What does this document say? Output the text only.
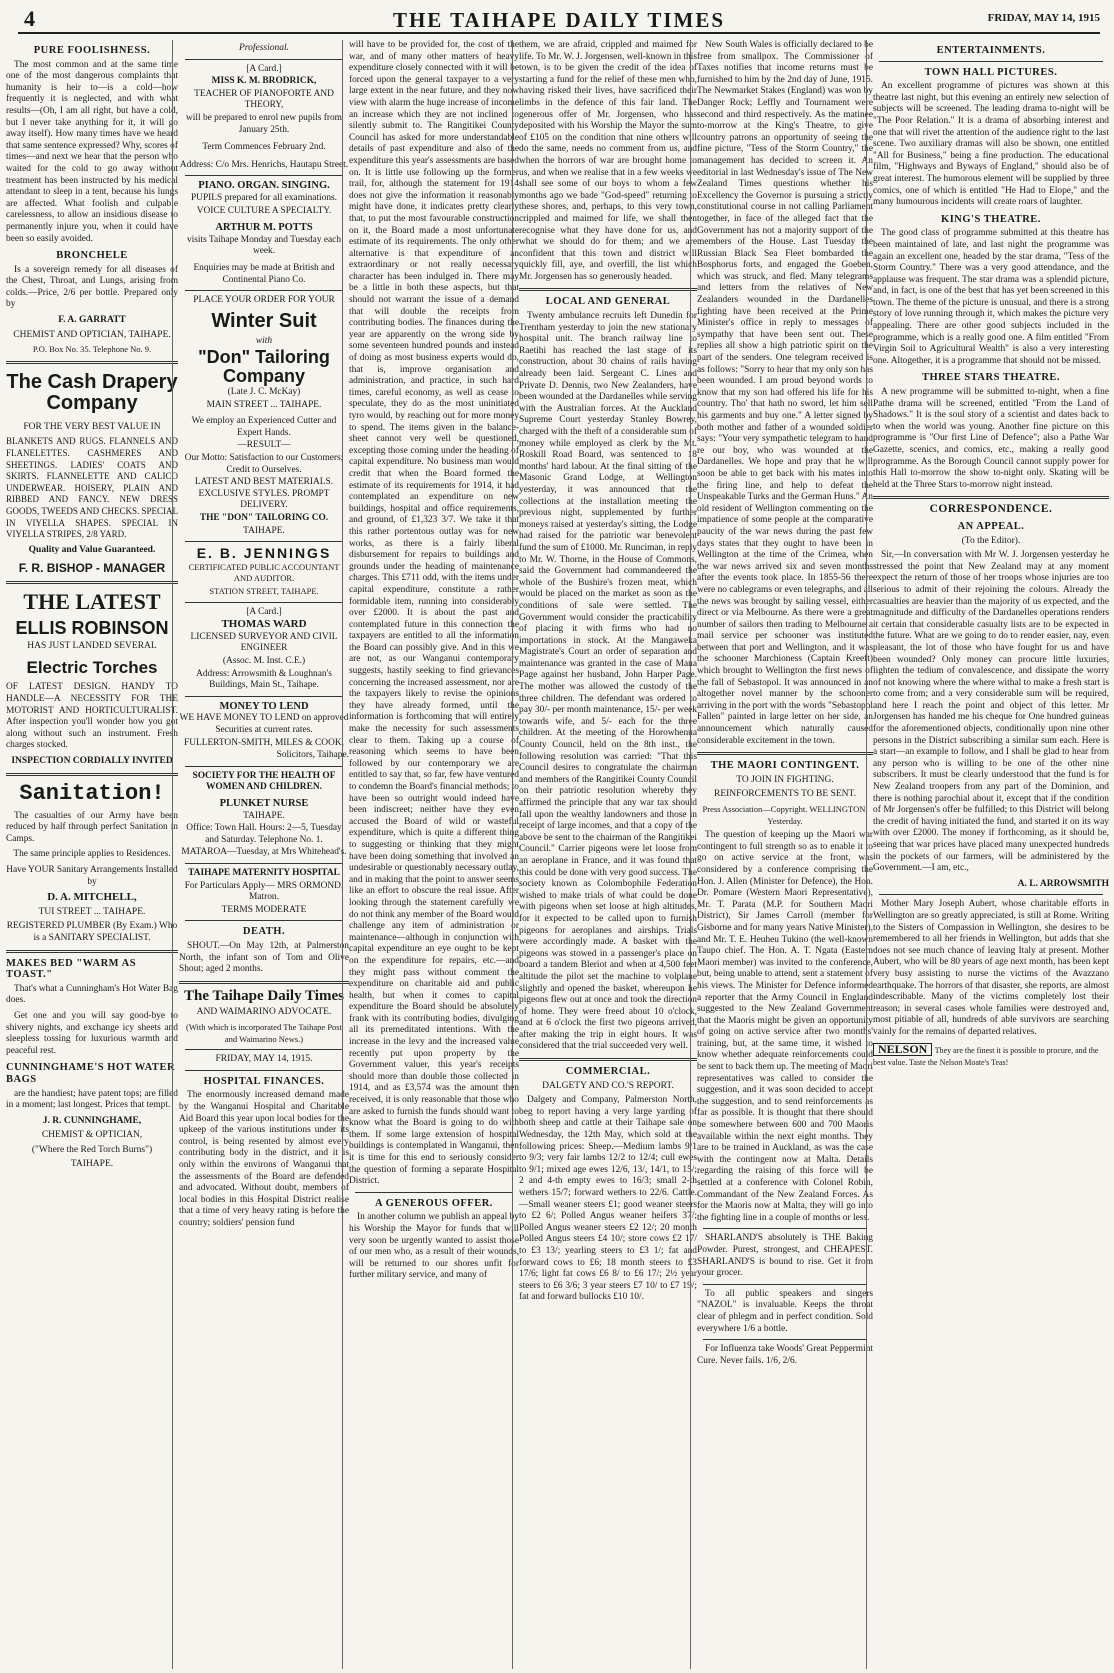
4	THE TAIHAPE DAILY TIMES	FRIDAY, MAY 14, 1915
PURE FOOLISHNESS.

The most common and at the same time one of the most dangerous complaints that humanity is heir to—is a cold—how frequently it is neglected, and with what results—(Oh, I am all right, but have a cold, but I never take anything for it, it will go away itself). How many times have we heard that same sentence expressed? Why, scores of times—and next we hear that the person who waited for the cold to go away without treatment has been instructed by his medical attendant to sleep in a tent, because his lungs are affected. What foolish and culpable carelessness, to allow an insidious disease to permanently injure you, when it could have been so easily avoided.

BRONCHELE

Is a sovereign remedy for all diseases of the Chest, Throat, and Lungs, arising from colds.—Price, 2/6 per bottle. Prepared only by

F. A. GARRATT
CHEMIST AND OPTICIAN, TAIHAPE.
P.O. Box No. 35. Telephone No. 9.
The Cash Drapery Company
FOR THE VERY BEST VALUE IN

BLANKETS AND RUGS. FLANNELS AND FLANELETTES. CASHMERES AND SHEETINGS. LADIES' COATS AND SKIRTS. FLANNELETTE AND CALICO UNDERWEAR. HOISERY, PLAIN AND RIBBED AND FANCY. NEW DRESS GOODS, TWEEDS AND CHECKS. SPECIAL IN VIYELLA SHAPES. SPECIAL IN VIYELLA STRIPES, 2/8 YARD.

Quality and Value Guaranteed.
F. R. BISHOP - MANAGER
THE LATEST
ELLIS ROBINSON
HAS JUST LANDED SEVERAL
Electric Torches

OF LATEST DESIGN. HANDY TO HANDLE—A NECESSITY FOR THE MOTORIST AND HORTICULTURALIST. After inspection you'll wonder how you got along without such an instrument. Fresh charges stocked.

INSPECTION CORDIALLY INVITED
Sanitation!

The casualties of our Army have been reduced by half through perfect Sanitation in Camps.

The same principle applies to Residences.

Have YOUR Sanitary Arrangements Installed by

D. A. MITCHELL,
TUI STREET ... TAIHAPE.

REGISTERED PLUMBER (By Exam.) Who is a SANITARY SPECIALIST.

MAKES BED "WARM AS TOAST."

That's what a Cunningham's Hot Water Bag does.

Get one and you will say good-bye to shivery nights, and exchange icy sheets and sleepless tossing for luxurious warmth and peaceful rest.

CUNNINGHAME'S HOT WATER BAGS

are the handiest; have patent tops; are filled in a moment; last longest. Prices that tempt.

J. R. CUNNINGHAME,
CHEMIST & OPTICIAN,
("Where the Red Torch Burns")
TAIHAPE.
Professional.
[A Card.]
MISS K. M. BRODRICK,
TEACHER OF PIANOFORTE AND THEORY,
will be prepared to enrol new pupils from January 25th.
Term Commences February 2nd.
Address: C/o Mrs. Henrichs, Hautapu Street.
PIANO. ORGAN. SINGING.
PUPILS prepared for all examinations.
VOICE CULTURE A SPECIALTY.
ARTHUR M. POTTS
visits Taihape Monday and Tuesday each week.
Enquiries may be made at British and Continental Piano Co.
PLACE YOUR ORDER FOR YOUR
Winter Suit
with
"Don" Tailoring
Company
(Late J. C. McKay)
MAIN STREET ... TAIHAPE.
We employ an Experienced Cutter and Expert Hands.
—RESULT—
Our Motto: Satisfaction to our Customers; Credit to Ourselves.
LATEST AND BEST MATERIALS. EXCLUSIVE STYLES. PROMPT DELIVERY.
THE "DON" TAILORING CO.
TAIHAPE.
E. B. JENNINGS
CERTIFICATED PUBLIC ACCOUNTANT AND AUDITOR.
STATION STREET, TAIHAPE.
[A Card.]
THOMAS WARD
LICENSED SURVEYOR AND CIVIL ENGINEER
(Assoc. M. Inst. C.E.)
Address: Arrowsmith & Loughnan's Buildings, Main St., Taihape.
MONEY TO LEND
WE HAVE MONEY TO LEND on approved Securities at current rates.
FULLERTON-SMITH, MILES & COOK,
Solicitors, Taihape.
SOCIETY FOR THE HEALTH OF WOMEN AND CHILDREN.
PLUNKET NURSE
TAIHAPE.
Office: Town Hall. Hours: 2—5, Tuesday and Saturday. Telephone No. 1.
MATAROA—Tuesday, at Mrs Whitehead's.
TAIHAPE MATERNITY HOSPITAL
For Particulars Apply— MRS ORMOND, Matron.
TERMS MODERATE
DEATH.

SHOUT.—On May 12th, at Palmerston North, the infant son of Tom and Olive Shout; aged 2 months.

The Taihape Daily Times
AND WAIMARINO ADVOCATE.
(With which is incorporated The Taihape Post and Waimarino News.)
FRIDAY, MAY 14, 1915.
HOSPITAL FINANCES.

The enormously increased demand made by the Wanganui Hospital and Charitable Aid Board this year upon local bodies for the upkeep of the various institutions under its control, is being resented by almost every contributing body in the district, and it is only within the environs of Wanganui that the assessments of the Board are defended and advocated. Without doubt, members of local bodies in this Hospital District realise that a time of very heavy rating is before the country; soldiers' pension fund

will have to be provided for, the cost of the war, and of many other matters of heavy expenditure closely connected with it will be forced upon the general taxpayer to a very large extent in the near future, and they now view with alarm the huge increase of income an increase which they are not inclined to silently submit to. The Rangitikei County Council has asked for more understandable details of past expenditure and also of the expenditure this year's assessments are based on. It is little use following up the former trail, for, although the statement for 1914 does not give the information it reasonably might have done, it indicates pretty clearly that, to put the most favourable construction on it, the Board made a most unfortunate estimate of its requirements. The only other alternative is that expenditure of an extraordinary or not really necessary character has been indulged in. There may be a little in both these aspects, but that should not warrant the issue of a demand that will double the receipts from contributing bodies. The finances during the year are apparently on the wrong side by some seventeen hundred pounds and instead of doing as most business experts would do, that is, improve organisation and administration, and practice, in such hard times, careful economy, as well as cease to speculate, they do as the most uninitiated tyro would, by reaching out for more money to spend. The items given in the balance-sheet cannot very well be questioned, excepting those coming under the heading of capital expenditure. No business man would credit that when the Board formed the estimate of its requirements for 1914, it had contemplated an expenditure on new buildings, hospital and office requirements, and ground, of £1,323 3/7. We take it that this rather portentous outlay was for new works, as there is a fairly liberal disbursement for repairs to buildings and grounds under the heading of maintenance charges. This £711 odd, with the items under capital expenditure, constitute a rather formidable item, running into considerably over £2000. It is about the past and contemplated future in this connection the taxpayers are entitled to all the information the Board can possibly give. And in this we are not, as our Wanganui contemporary suggests, hastily seeking to find grievances concerning the increased assessment, nor are the taxpayers likely to revise the opinions they have already formed, until the information is forthcoming that will entirely make the necessity for such assessments clear to them. Taking up a course of reasoning which seems to have been followed by our contemporary we are entitled to say that, so far, few have ventured to condemn the Board's financial methods; to have been so outright would indeed have been indiscreet; neither have they even accused the Board of wild or wasteful expenditure, which is quite a different thing to suggesting or thinking that they might have been doing something that involved an undesirable or questionably necessary outlay, and in making that the point to answer seems like an effort to obscure the real issue. After looking through the statement carefully we do not think any member of the Board would challenge any item of administration or maintenance—although in conjunction with capital expenditure an eye ought to be kept on the expenditure for repairs, etc.—and they might pass without comment the expenditure on charitable aid and public health, but when it comes to capital expenditure the Board should be absolutely frank with its contributing bodies, divulging all its premeditated intentions. With the increase in the levy and the increased value recently put upon property by the Government valuer, this year's receipts should more than double those collected in 1914, and as £3,574 was the amount then received, it is only reasonable that those who are asked to furnish the funds should want to know what the Board is going to do with them. If some large extension of hospital buildings is contemplated in Wanganui, then it is time for this end to seriously consider the question of forming a separate Hospital District.

A GENEROUS OFFER.

In another column we publish an appeal by his Worship the Mayor for funds that will very soon be urgently wanted to assist those of our men who, as a result of their wounds, will be returned to our shores unfit for further military service, and many of

them, we are afraid, crippled and maimed for life. To Mr. W. J. Jorgensen, well-known in this town, is to be given the credit of the idea of starting a fund for the relief of these men who, having risked their lives, have sacrificed their limbs in the defence of this fair land. The generous offer of Mr. Jorgensen, who has deposited with his Worship the Mayor the sum of £105 on the condition that nine others will do the same, needs no comment from us, and when the horrors of war are brought home to us, and when we realise that in a few weeks we shall see some of our boys to whom a few months ago we bade "God-speed" returning to these shores, and, perhaps, to this very town, crippled and maimed for life, we shall then recognise what they have done for us, and what we should do for them; and we are confident that this town and district will quickly fill, aye, and overfill, the list which Mr. Jorgensen has so generously headed.

LOCAL AND GENERAL

Twenty ambulance recruits left Dunedin for Trentham yesterday to join the new stationary hospital unit. The branch railway line to Raetihi has reached the last stage of its construction, about 30 chains of rails having already been laid. Sergeant C. Lines and Private D. Dennis, two New Zealanders, have been wounded at the Dardanelles while serving with the Australian forces. At the Auckland Supreme Court yesterday Stanley Bowrey, charged with the theft of a considerable sum of money while employed as clerk by the Mt. Roskill Road Board, was sentenced to 18 months' hard labour. At the final sitting of the Masonic Grand Lodge, at Wellington yesterday, it was announced that the collections at the installation meeting the previous night, supplemented by further moneys raised at yesterday's sitting, the Lodge had raised for the patriotic war benevolent fund the sum of £1000. Mr. Runciman, in reply to Mr. W. Thorne, in the House of Commons, said the Government had commandeered the whole of the Bushire's frozen meat, which would be placed on the market as soon as the conditions of sale were settled. The Government would consider the practicability of placing it with firms who had no importations in stock. At the Mangaweka Magistrate's Court an order of separation and maintenance was granted in the case of Mana Page against her husband, John Harper Page. The mother was allowed the custody of the three children. The defendant was ordered to pay 30/- per month maintenance, 15/- per week towards wife, and 5/- each for the three children. At the meeting of the Horowhenua County Council, held on the 8th inst., the following resolution was carried: "That this Council desires to congratulate the chairman and members of the Rangitikei County Council on their patriotic resolution whereby they affirmed the principle that any war tax should fall upon the wealthy landowners and those in receipt of large incomes, and that a copy of the above be sent to the chairman of the Rangitikei Council." Carrier pigeons were let loose from an aeroplane in France, and it was found that this could be done with very good success. The society known as Colombophile Federation wished to make trials of what could be done with pigeons when set loose at high altitudes, for it expected to be called upon to furnish pigeons for aeroplanes and airships. Trials were accordingly made. A basket with the pigeons was stowed in a passenger's place on board a tandem Bleriot and when at 4,500 feet altitude the pilot set the machine to volplane slightly and opened the basket, whereupon he pigeons flew out at once and took the direction of home. They were freed about 10 o'clock, and at 6 o'clock the first two pigeons arrived, after making the trip in eight hours. It was considered that the trial succeeded very well.

COMMERCIAL.
DALGETY AND CO.'S REPORT.

Dalgety and Company, Palmerston North, beg to report having a very large yarding of both sheep and cattle at their Taihape sale on Wednesday, the 12th May, which sold at the following prices: Sheep.—Medium lambs 9/1 to 9/3; very fair lambs 12/2 to 12/4; cull ewes to 9/1; mixed age ewes 12/6, 13/, 14/1, to 15/; 2 and 4-th empty ewes to 16/3; small 2-th wethers 15/7; forward wethers to 22/6. Cattle.—Small weaner steers £1; good weaner steers to £2 6/; Polled Angus weaner heifers 37/; Polled Angus weaner steers £2 12/; 20 month Polled Angus steers £4 10/; store cows £2 17/ to £3 13/; yearling steers to £3 1/; fat and forward cows to £6; 18 month steers to £3 17/6; light fat cows £6 8/ to £6 17/; 2½ year steers to £6 3/6; 3 year steers £7 10/ to £7 19/; fat and forward bullocks £10 10/.

New South Wales is officially declared to be free from smallpox. The Commissioner of Taxes notifies that income returns must be furnished to him by the 2nd day of June, 1915. The Newmarket Stakes (England) was won by Danger Rock; Leffly and Tournament were second and third respectively. As the matinee to-morrow at the King's Theatre, to give country patrons an opportunity of seeing the fine picture, "Tess of the Storm Country," the management has decided to screen it. An editorial in last Wednesday's issue of The New Zealand Times questions whether his Excellency the Governor is pursuing a strictly constitutional course in not calling Parliament together, in face of the alleged fact that the Government has not a majority support of the members of the House. Last Tuesday the Russian Black Sea Fleet bombarded the Bosphorus forts, and engaged the Goeben, which was struck, and fled. Many telegrams and letters from the relatives of New Zealanders wounded in the Dardanelles fighting have been received at the Prime Minister's office in reply to messages of sympathy that have been sent out. These replies all show a high patriotic spirit on the part of the senders. One telegram received is as follows: "Sorry to hear that my only son has been wounded. I am proud beyond words to know that my son had offered his life for his country. Tho' that hath no sword, let him sell his garments and buy one." A letter signed by both mother and father of a wounded soldier says: "Your very sympathetic telegram to hand re our boy, who was wounded at the Dardanelles. We hope and pray that he will soon be able to get back with his mates into the firing line, and help to defeat the Unspeakable Turks and the German Huns." An old resident of Wellington commenting on the impatience of some people at the comparative paucity of the war news during the past few days states that they ought to have been in Wellington at the time of the Crimea, when the war news arrived six and seven months after the events took place. In 1855-56 there were no cablegrams or even telegraphs, and all the news was brought by sailing vessel, either direct or via Melbourne. As there were a great number of sailors then trading to Melbourne a mail service per schooner was instituted between that port and Wellington, and it was the schooner Marchioness (Captain Kreeft) which brought to Wellington the first news of the fall of Sebastopol. It was announced in an altogether novel manner by the schooner arriving in the port with the words "Sebastopol Fallen" painted in large letter on her side, an announcement which naturally caused considerable excitement in the town.

THE MAORI CONTINGENT.
TO JOIN IN FIGHTING.
REINFORCEMENTS TO BE SENT.
Press Association—Copyright. WELLINGTON, Yesterday.

The question of keeping up the Maori war contingent to full strength so as to enable it to go on active service at the front, was considered by a conference comprising the Hon. J. Allen (Minister for Defence), the Hon. Dr. Pomare (Western Maori Representative), Mr. T. Parata (M.P. for Southern Maori District), Sir James Carroll (member for Gisborne and for many years Native Minister), and Mr. T. E. Heuheu Tukino (the well-known Taupo chief. The Hon. A. T. Ngata (Eastern Maori member) was invited to the conference, but, being unable to attend, sent a statement of his views. The Minister for Defence informed a reporter that the Army Council in England suggested to the New Zealand Government that the Maoris might be given an opportunity of going on active service after two months' training, but, at the same time, it wished to know whether adequate reinforcements could be sent to back them up. The meeting of Maori representatives was called to consider the suggestion, and it was soon decided to accept the suggestion, and to send reinforcements as far as possible. It is thought that there should be somewhere between 600 and 700 Maoris available within the next eight months. They are to be trained in Auckland, as was the case with the contingent now at Malta. Details regarding the raising of this force will be settled at a conference with Colonel Robin, Commandant of the New Zealand Forces. As for the Maoris now at Malta, they will go into the fighting line in a couple of months or less.

SHARLAND'S absolutely is THE Baking Powder. Purest, strongest, and CHEAPEST. SHARLAND'S is bound to rise. Get it from your grocer.

To all public speakers and singers "NAZOL" is invaluable. Keeps the throat clear of phlegm and in perfect condition. Sold everywhere 1/6 a bottle.

For Influenza take Woods' Great Peppermint Cure. Never fails. 1/6, 2/6.

ENTERTAINMENTS.
TOWN HALL PICTURES.

An excellent programme of pictures was shown at this theatre last night, but this evening an entirely new selection of subjects will be screened. The leading drama to-night will be "The Poor Relation." It is a drama of absorbing interest and one that will rivet the attention of the audience right to the last scene. Two auxiliary dramas will also be shown, one entitled "All for Business," being a fine production. The educational film, "Highways and Byways of England," should also be of great interest. The humorous element will be supplied by three comics, one of which is entitled "He Had to Elope," and the many humourous incidents will create roars of laughter.

KING'S THEATRE.

The good class of programme submitted at this theatre has been maintained of late, and last night the programme was again an excellent one, headed by the star drama, "Tess of the Storm Country." There was a very good attendance, and the applause was frequent. The star drama was a splendid picture, and, in fact, is one of the best that has yet been screened in this town. The theme of the picture is unusual, and there is a strong story of love running through it, which makes the picture very appealing. There are other good subjects included in the programme, which is a really good one. A film entitled "From Virgin Soil to Agricultural Wealth" is also a very interesting one. Altogether, it is a programme that should not be missed.

THREE STARS THEATRE.

A new programme will be submitted to-night, when a fine Pathe drama will be screened, entitled "From the Land of Shadows." It is the soul story of a scientist and dates back to to when the world was young. Another fine picture on this programme is "Our first Line of Defence"; also a Pathe War Gazette, scenics, and comics, etc., making a really good programme. As the Borough Council cannot supply power for this Hall to-morrow the show to-night only. Skating will be held at the Three Stars to-morrow night instead.

CORRESPONDENCE.
AN APPEAL.
(To the Editor).

Sir,—In conversation with Mr W. J. Jorgensen yesterday he stressed the point that New Zealand may at any moment expect the return of those of her troops whose injuries are too serious to admit of their rejoining the colours. Already the casualties are heavier than the majority of us expected, and the magnitude and difficulty of the Dardanelles operations renders it certain that considerable casualty lists are to be expected in the future. What are we going to do to render easier, nay, even pleasant, the lot of those who have fought for us and have been wounded? Only money can procure little luxuries, lighten the tedium of convalescence, and dissipate the worry of not knowing where the where withal to make a fresh start is to come from; and a very considerable sum will be required, and here I reach the point and object of this letter. Mr Jorgensen has handed me his cheque for One hundred guineas for the aforementioned objects, conditionally upon nine other persons in the District subscribing a similar sum each. Here is a start—an example to follow, and I shall be glad to hear from any person who is willing to be one of the other nine subscribers. It must be clearly understood that the fund is for New Zealand troopers from any part of the Dominion, and there is nothing parochial about it, except that if the condition of Mr Jorgensen's offer be fulfilled; to this District will belong the credit of having initiated the fund, and started it on its way with over £2000. The money if forthcoming, as it should be, seeing that war prices have placed many unexpected hundreds in the pockets of our farmers, will be administered by the Government.—I am, etc.,

A. L. ARROWSMITH

Mother Mary Joseph Aubert, whose charitable efforts in Wellington are so greatly appreciated, is still at Rome. Writing to the Sisters of Compassion in Wellington, she desires to be remembered to all her friends in Wellington, but adds that she does not see much chance of leaving Italy at present. Mother Aubert, who will be 80 years of age next month, has been kept very busy assisting to nurse the victims of the Avazzano earthquake. The horrors of that disaster, she reports, are almost indescribable. Many of the victims completely lost their reason; in several cases whole families were destroyed and, most pitiable of all, hundreds of able survivors are searching vainly for the remains of departed relatives.

NELSON They are the finest it is possible to procure, and the best value. Taste the Nelson Moate's Teas!
